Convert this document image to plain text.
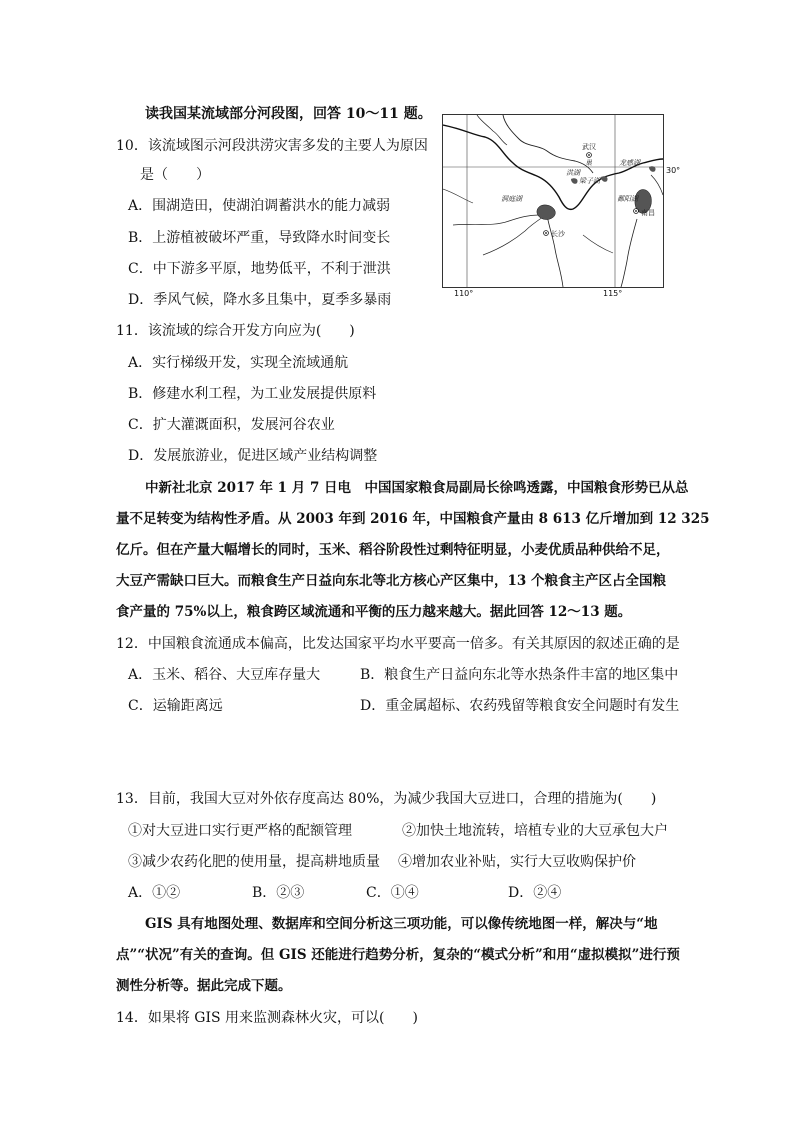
读我国某流域部分河段图，回答 10～11 题。
10．该流域图示河段洪涝灾害多发的主要人为原因
是（　　）
A．围湖造田，使湖泊调蓄洪水的能力减弱
B．上游植被破坏严重，导致降水时间变长
C．中下游多平原，地势低平，不利于泄洪
D．季风气候，降水多且集中，夏季多暴雨
武汉
洪湖
巢
梁子湖
龙感湖
鄱阳湖
洞庭湖
长沙
南昌
30°
110°	115°
11．该流域的综合开发方向应为(　　)
A．实行梯级开发，实现全流域通航
B．修建水利工程，为工业发展提供原料
C．扩大灌溉面积，发展河谷农业
D．发展旅游业，促进区域产业结构调整
中新社北京 2017 年 1 月 7 日电　中国国家粮食局副局长徐鸣透露，中国粮食形势已从总
量不足转变为结构性矛盾。从 2003 年到 2016 年，中国粮食产量由 8 613 亿斤增加到 12 325
亿斤。但在产量大幅增长的同时，玉米、稻谷阶段性过剩特征明显，小麦优质品种供给不足，
大豆产需缺口巨大。而粮食生产日益向东北等北方核心产区集中，13 个粮食主产区占全国粮
食产量的 75%以上，粮食跨区域流通和平衡的压力越来越大。据此回答 12～13 题。
12．中国粮食流通成本偏高，比发达国家平均水平要高一倍多。有关其原因的叙述正确的是
A．玉米、稻谷、大豆库存量大	B．粮食生产日益向东北等水热条件丰富的地区集中
C．运输距离远	D．重金属超标、农药残留等粮食安全问题时有发生
13．目前，我国大豆对外依存度高达 80%，为减少我国大豆进口，合理的措施为(　　)
①对大豆进口实行更严格的配额管理	②加快土地流转，培植专业的大豆承包大户
③减少农药化肥的使用量，提高耕地质量 ④增加农业补贴，实行大豆收购保护价
A．①②	B．②③	C．①④	D．②④
GIS 具有地图处理、数据库和空间分析这三项功能，可以像传统地图一样，解决与“地
点”“状况”有关的查询。但 GIS 还能进行趋势分析，复杂的“模式分析”和用“虚拟模拟”进行预
测性分析等。据此完成下题。
14．如果将 GIS 用来监测森林火灾，可以(　　)
